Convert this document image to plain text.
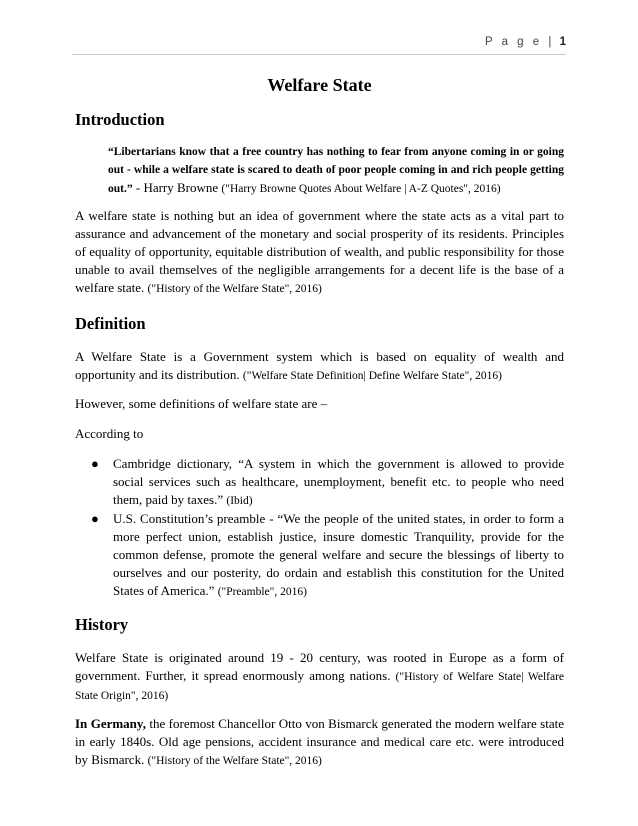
P a g e | 1
Welfare State
Introduction
“Libertarians know that a free country has nothing to fear from anyone coming in or going out - while a welfare state is scared to death of poor people coming in and rich people getting out.” - Harry Browne ("Harry Browne Quotes About Welfare | A-Z Quotes", 2016)

A welfare state is nothing but an idea of government where the state acts as a vital part to assurance and advancement of the monetary and social prosperity of its residents. Principles of equality of opportunity, equitable distribution of wealth, and public responsibility for those unable to avail themselves of the negligible arrangements for a decent life is the base of a welfare state. ("History of the Welfare State", 2016)

Definition

A Welfare State is a Government system which is based on equality of wealth and opportunity and its distribution. ("Welfare State Definition| Define Welfare State", 2016)

However, some definitions of welfare state are –

According to

● Cambridge dictionary, “A system in which the government is allowed to provide social services such as healthcare, unemployment, benefit etc. to people who need them, paid by taxes.” (Ibid)
● U.S. Constitution’s preamble - “We the people of the united states, in order to form a more perfect union, establish justice, insure domestic Tranquility, provide for the common defense, promote the general welfare and secure the blessings of liberty to ourselves and our posterity, do ordain and establish this constitution for the United States of America.” ("Preamble", 2016)
History

Welfare State is originated around 19 - 20 century, was rooted in Europe as a form of government. Further, it spread enormously among nations. ("History of Welfare State| Welfare State Origin", 2016)

In Germany, the foremost Chancellor Otto von Bismarck generated the modern welfare state in early 1840s. Old age pensions, accident insurance and medical care etc. were introduced by Bismarck. ("History of the Welfare State", 2016)
